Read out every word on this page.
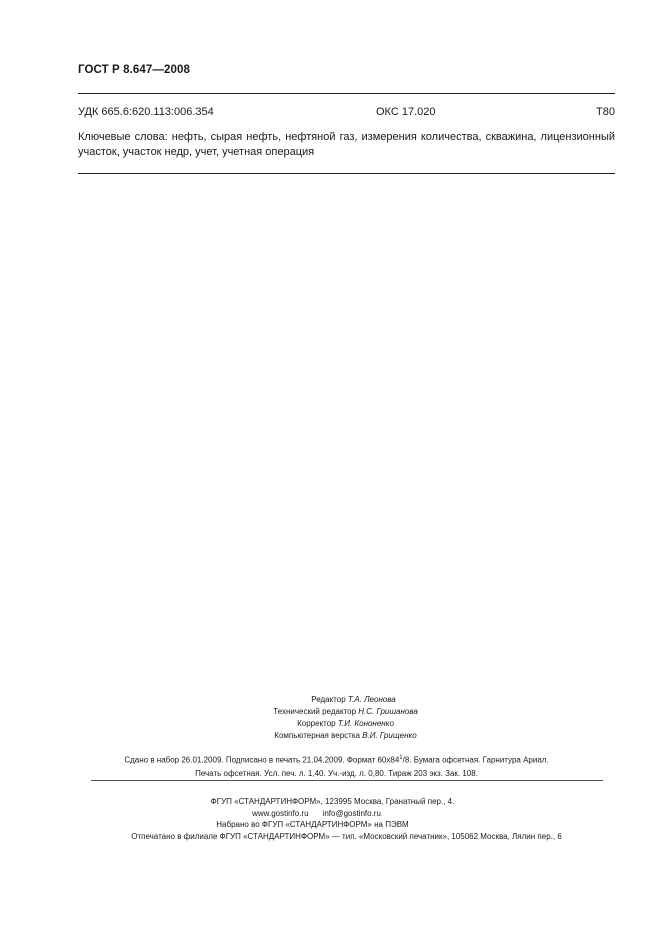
ГОСТ Р 8.647—2008
УДК 665.6:620.113:006.354	ОКС 17.020	Т80
Ключевые слова: нефть, сырая нефть, нефтяной газ, измерения количества, скважина, лицензионный
участок, участок недр, учет, учетная операция
Редактор Т.А. Леонова
Технический редактор Н.С. Гришанова
Корректор Т.И. Кононенко
Компьютерная верстка В.И. Грищенко
Сдано в набор 26.01.2009. Подписано в печать 21.04.2009. Формат $60x84^1/8$. Бумага офсетная. Гарнитура Ариал.
Печать офсетная. Усл. печ. л. 1,40. Уч.-изд. л. 0,80. Тираж 203 экз. Зак. 108.
ФГУП «СТАНДАРТИНФОРМ», 123995 Москва, Гранатный пер., 4.
www.gostinfo.ru info@gostinfo.ru
Набрано во ФГУП «СТАНДАРТИНФОРМ» на ПЭВМ
Отпечатано в филиале ФГУП «СТАНДАРТИНФОРМ» — тип. «Московский печатник», 105062 Москва, Лялин пер., 6
